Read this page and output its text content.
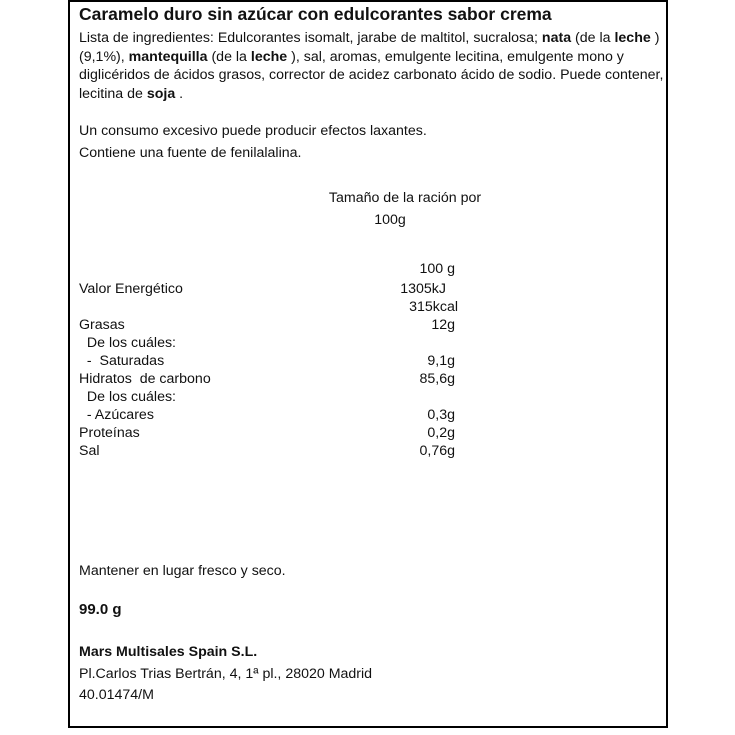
Caramelo duro sin azúcar con edulcorantes sabor crema
Lista de ingredientes: Edulcorantes isomalt, jarabe de maltitol, sucralosa; nata (de la leche ) (9,1%), mantequilla (de la leche ), sal, aromas, emulgente lecitina, emulgente mono y diglicéridos de ácidos grasos, corrector de acidez carbonato ácido de sodio. Puede contener, lecitina de soja .
Un consumo excesivo puede producir efectos laxantes.
Contiene una fuente de fenilalalina.
Tamaño de la ración por
100g
100 g
Valor Energético	1305kJ
315kcal
Grasas	12g
De los cuáles:
-  Saturadas	9,1g
Hidratos  de carbono	85,6g
De los cuáles:
- Azúcares	0,3g
Proteínas	0,2g
Sal	0,76g
Mantener en lugar fresco y seco.
99.0 g
Mars Multisales Spain S.L.
Pl.Carlos Trias Bertrán, 4, 1ª pl., 28020 Madrid
40.01474/M
